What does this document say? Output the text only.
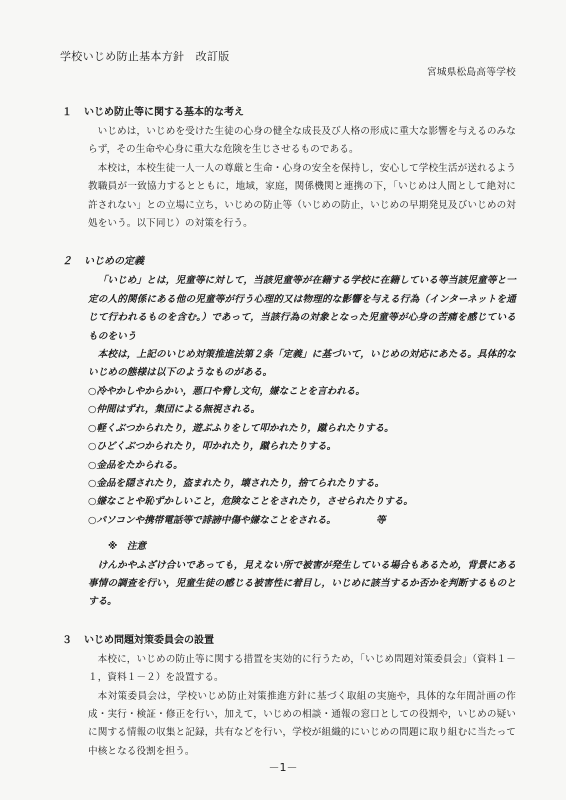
学校いじめ防止基本方針　改訂版
宮城県松島高等学校
１	いじめ防止等に関する基本的な考え

いじめは，いじめを受けた生徒の心身の健全な成長及び人格の形成に重大な影響を与えるのみならず，その生命や心身に重大な危険を生じさせるものである。

本校は，本校生徒一人一人の尊厳と生命・心身の安全を保持し，安心して学校生活が送れるよう教職員が一致協力するとともに，地域，家庭，関係機関と連携の下，「いじめは人間として絶対に許されない」との立場に立ち，いじめの防止等（いじめの防止，いじめの早期発見及びいじめの対処をいう。以下同じ）の対策を行う。

２	いじめの定義

「いじめ」とは，児童等に対して，当該児童等が在籍する学校に在籍している等当該児童等と一定の人的関係にある他の児童等が行う心理的又は物理的な影響を与える行為（インターネットを通じて行われるものを含む。）であって，当該行為の対象となった児童等が心身の苦痛を感じているものをいう

本校は，上記のいじめ対策推進法第２条「定義」に基づいて，いじめの対応にあたる。具体的ないじめの態様は以下のようなものがある。

○冷やかしやからかい，悪口や脅し文句，嫌なことを言われる。
○仲間はずれ，集団による無視される。
○軽くぶつかられたり，遊ぶふりをして叩かれたり，蹴られたりする。
○ひどくぶつかられたり，叩かれたり，蹴られたりする。
○金品をたかられる。
○金品を隠されたり，盗まれたり，壊されたり，捨てられたりする。
○嫌なことや恥ずかしいこと，危険なことをされたり，させられたりする。
○パソコンや携帯電話等で誹謗中傷や嫌なことをされる。	等

※　注意

けんかやふざけ合いであっても，見えない所で被害が発生している場合もあるため，背景にある事情の調査を行い，児童生徒の感じる被害性に着目し，いじめに該当するか否かを判断するものとする。

３	いじめ問題対策委員会の設置

本校に，いじめの防止等に関する措置を実効的に行うため，「いじめ問題対策委員会」（資料１－１，資料１－２）を設置する。

本対策委員会は，学校いじめ防止対策推進方針に基づく取組の実施や，具体的な年間計画の作成・実行・検証・修正を行い，加えて，いじめの相談・通報の窓口としての役割や，いじめの疑いに関する情報の収集と記録，共有などを行い，学校が組織的にいじめの問題に取り組むに当たって中核となる役割を担う。

－1－
